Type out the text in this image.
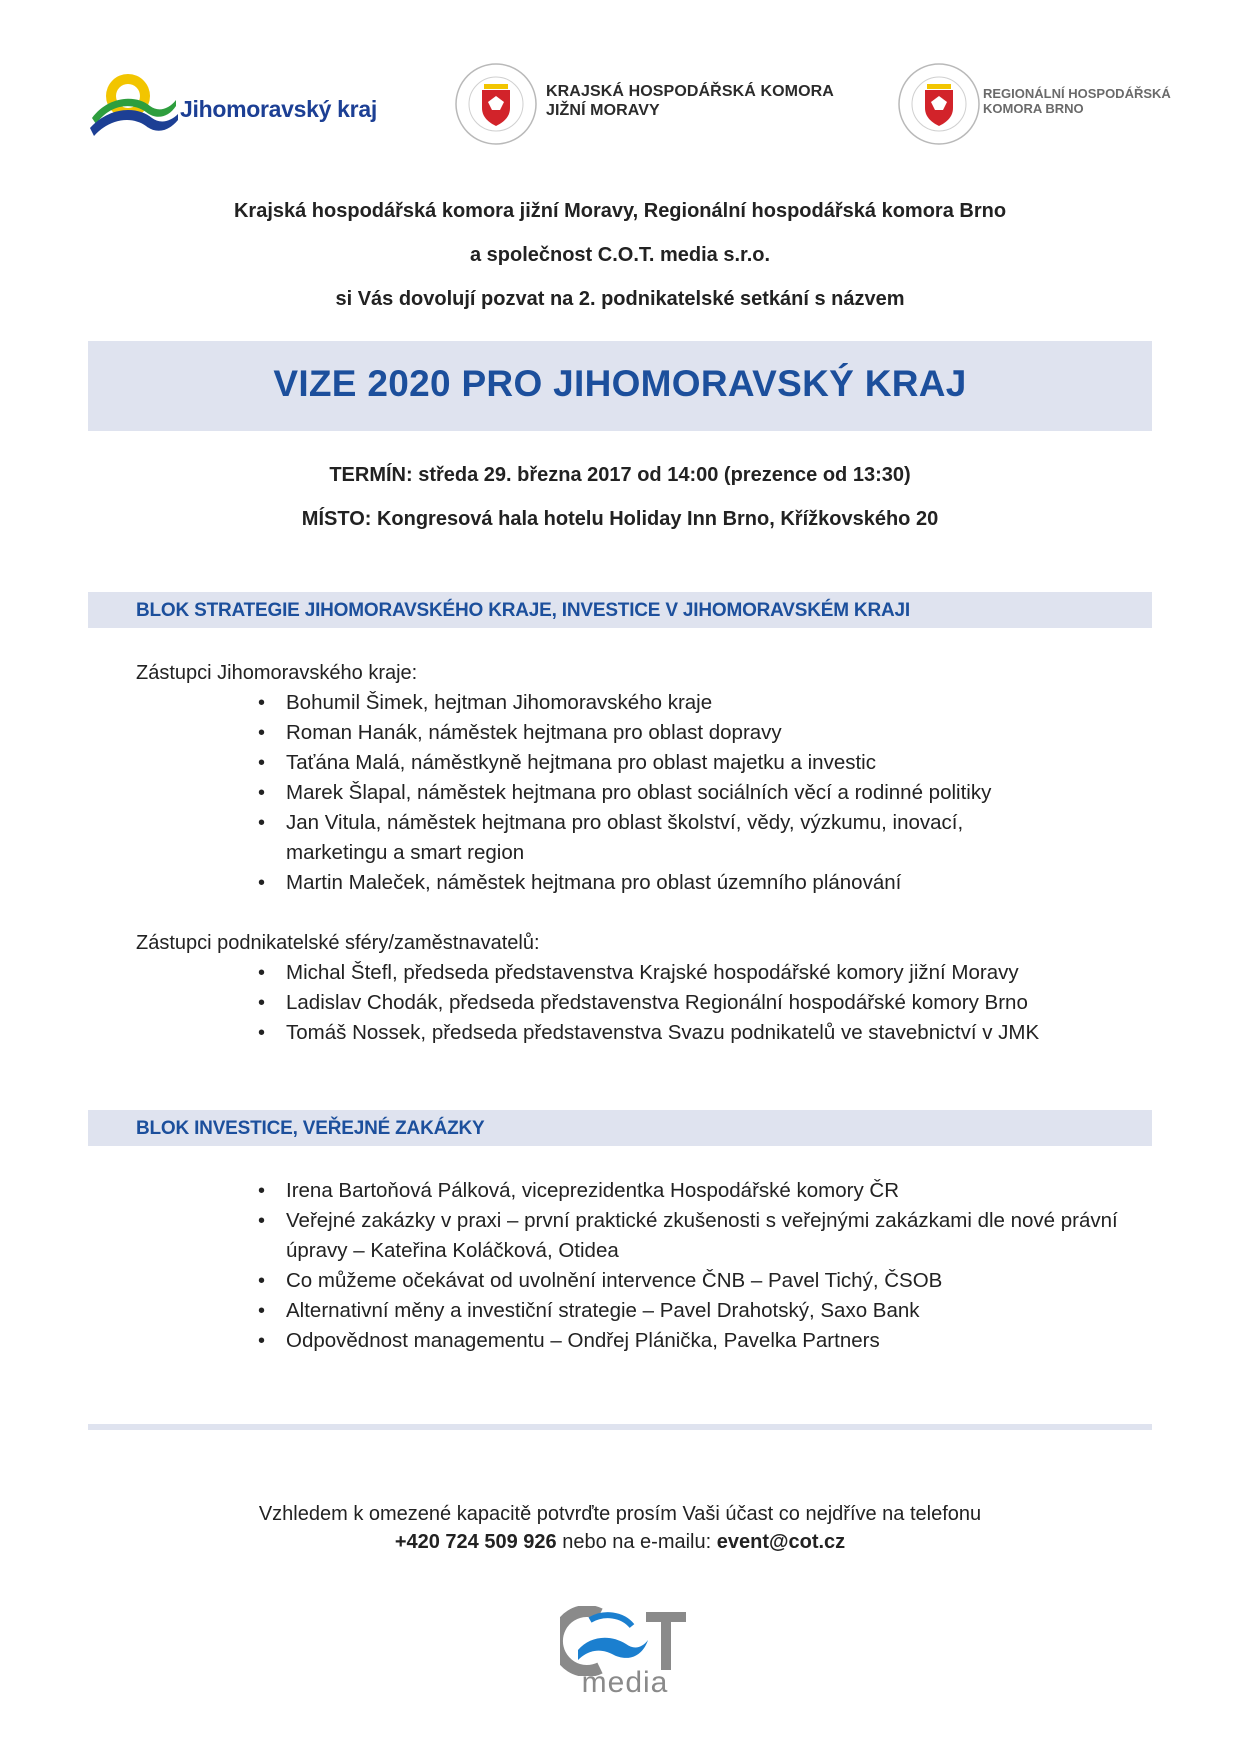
Jihomoravský kraj
KRAJSKÁ HOSPODÁŘSKÁ KOMORA
JIŽNÍ MORAVY
REGIONÁLNÍ HOSPODÁŘSKÁ
KOMORA BRNO
Krajská hospodářská komora jižní Moravy, Regionální hospodářská komora Brno
a společnost C.O.T. media s.r.o.
si Vás dovolují pozvat na 2. podnikatelské setkání s názvem
VIZE 2020 PRO JIHOMORAVSKÝ KRAJ
TERMÍN: středa 29. března 2017 od 14:00 (prezence od 13:30)
MÍSTO: Kongresová hala hotelu Holiday Inn Brno, Křížkovského 20
BLOK STRATEGIE JIHOMORAVSKÉHO KRAJE, INVESTICE V JIHOMORAVSKÉM KRAJI
Zástupci Jihomoravského kraje:
• Bohumil Šimek, hejtman Jihomoravského kraje
• Roman Hanák, náměstek hejtmana pro oblast dopravy
• Taťána Malá, náměstkyně hejtmana pro oblast majetku a investic
• Marek Šlapal, náměstek hejtmana pro oblast sociálních věcí a rodinné politiky
• Jan Vitula, náměstek hejtmana pro oblast školství, vědy, výzkumu, inovací, marketingu a smart region
• Martin Maleček, náměstek hejtmana pro oblast územního plánování
Zástupci podnikatelské sféry/zaměstnavatelů:
• Michal Štefl, předseda představenstva Krajské hospodářské komory jižní Moravy
• Ladislav Chodák, předseda představenstva Regionální hospodářské komory Brno
• Tomáš Nossek, předseda představenstva Svazu podnikatelů ve stavebnictví v JMK
BLOK INVESTICE, VEŘEJNÉ ZAKÁZKY
• Irena Bartoňová Pálková, viceprezidentka Hospodářské komory ČR
• Veřejné zakázky v praxi – první praktické zkušenosti s veřejnými zakázkami dle nové právní úpravy – Kateřina Koláčková, Otidea
• Co můžeme očekávat od uvolnění intervence ČNB – Pavel Tichý, ČSOB
• Alternativní měny a investiční strategie – Pavel Drahotský, Saxo Bank
• Odpovědnost managementu – Ondřej Plánička, Pavelka Partners
Vzhledem k omezené kapacitě potvrďte prosím Vaši účast co nejdříve na telefonu
+420 724 509 926 nebo na e-mailu: event@cot.cz
media
